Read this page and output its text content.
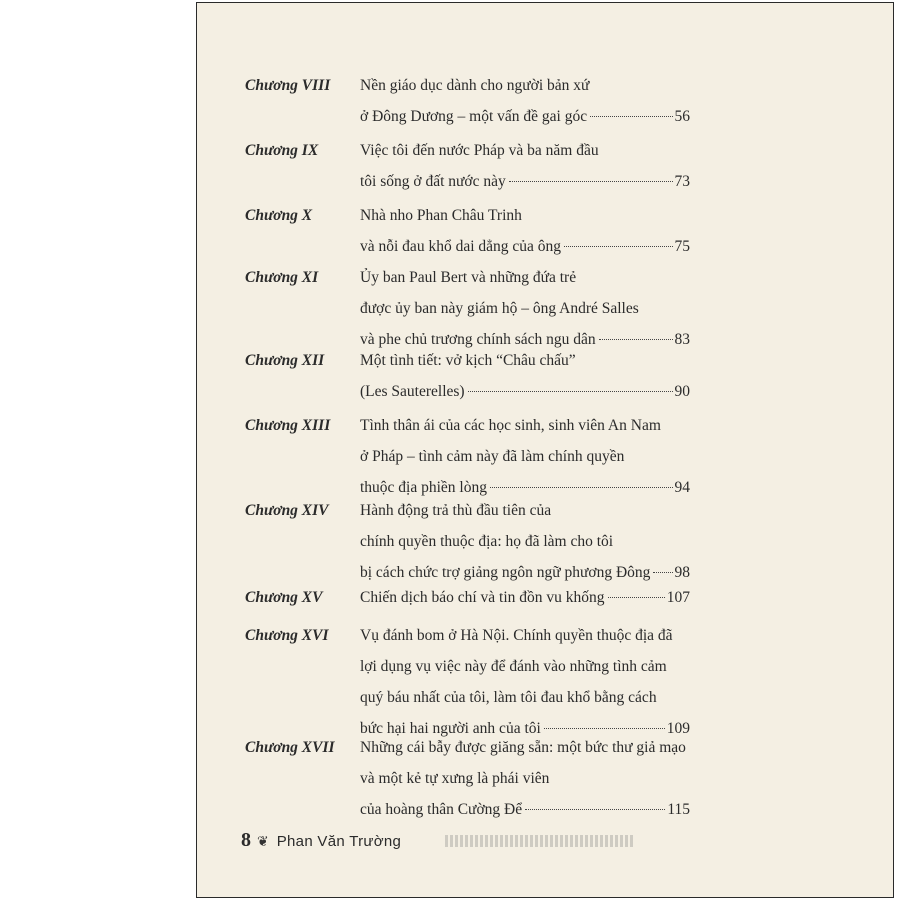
Chương VIII Nền giáo dục dành cho người bản xứ
ở Đông Dương – một vấn đề gai góc	56
Chương IX	Việc tôi đến nước Pháp và ba năm đầu
tôi sống ở đất nước này	73
Chương X	Nhà nho Phan Châu Trinh
và nỗi đau khổ dai dẳng của ông	75
Chương XI	Ủy ban Paul Bert và những đứa trẻ
được ủy ban này giám hộ – ông André Salles
và phe chủ trương chính sách ngu dân	83
Chương XII Một tình tiết: vở kịch “Châu chấu”
(Les Sauterelles)	90
Chương XIII Tình thân ái của các học sinh, sinh viên An Nam
ở Pháp – tình cảm này đã làm chính quyền
thuộc địa phiền lòng	94
Chương XIV Hành động trả thù đầu tiên của
chính quyền thuộc địa: họ đã làm cho tôi
bị cách chức trợ giảng ngôn ngữ phương Đông 98
Chương XV Chiến dịch báo chí và tin đồn vu khống	107
Chương XVI Vụ đánh bom ở Hà Nội. Chính quyền thuộc địa đã
lợi dụng vụ việc này để đánh vào những tình cảm
quý báu nhất của tôi, làm tôi đau khổ bằng cách
bức hại hai người anh của tôi	109
Chương XVII Những cái bẫy được giăng sẵn: một bức thư giả mạo
và một kẻ tự xưng là phái viên
của hoàng thân Cường Để	115
8 ❦ Phan Văn Trường
